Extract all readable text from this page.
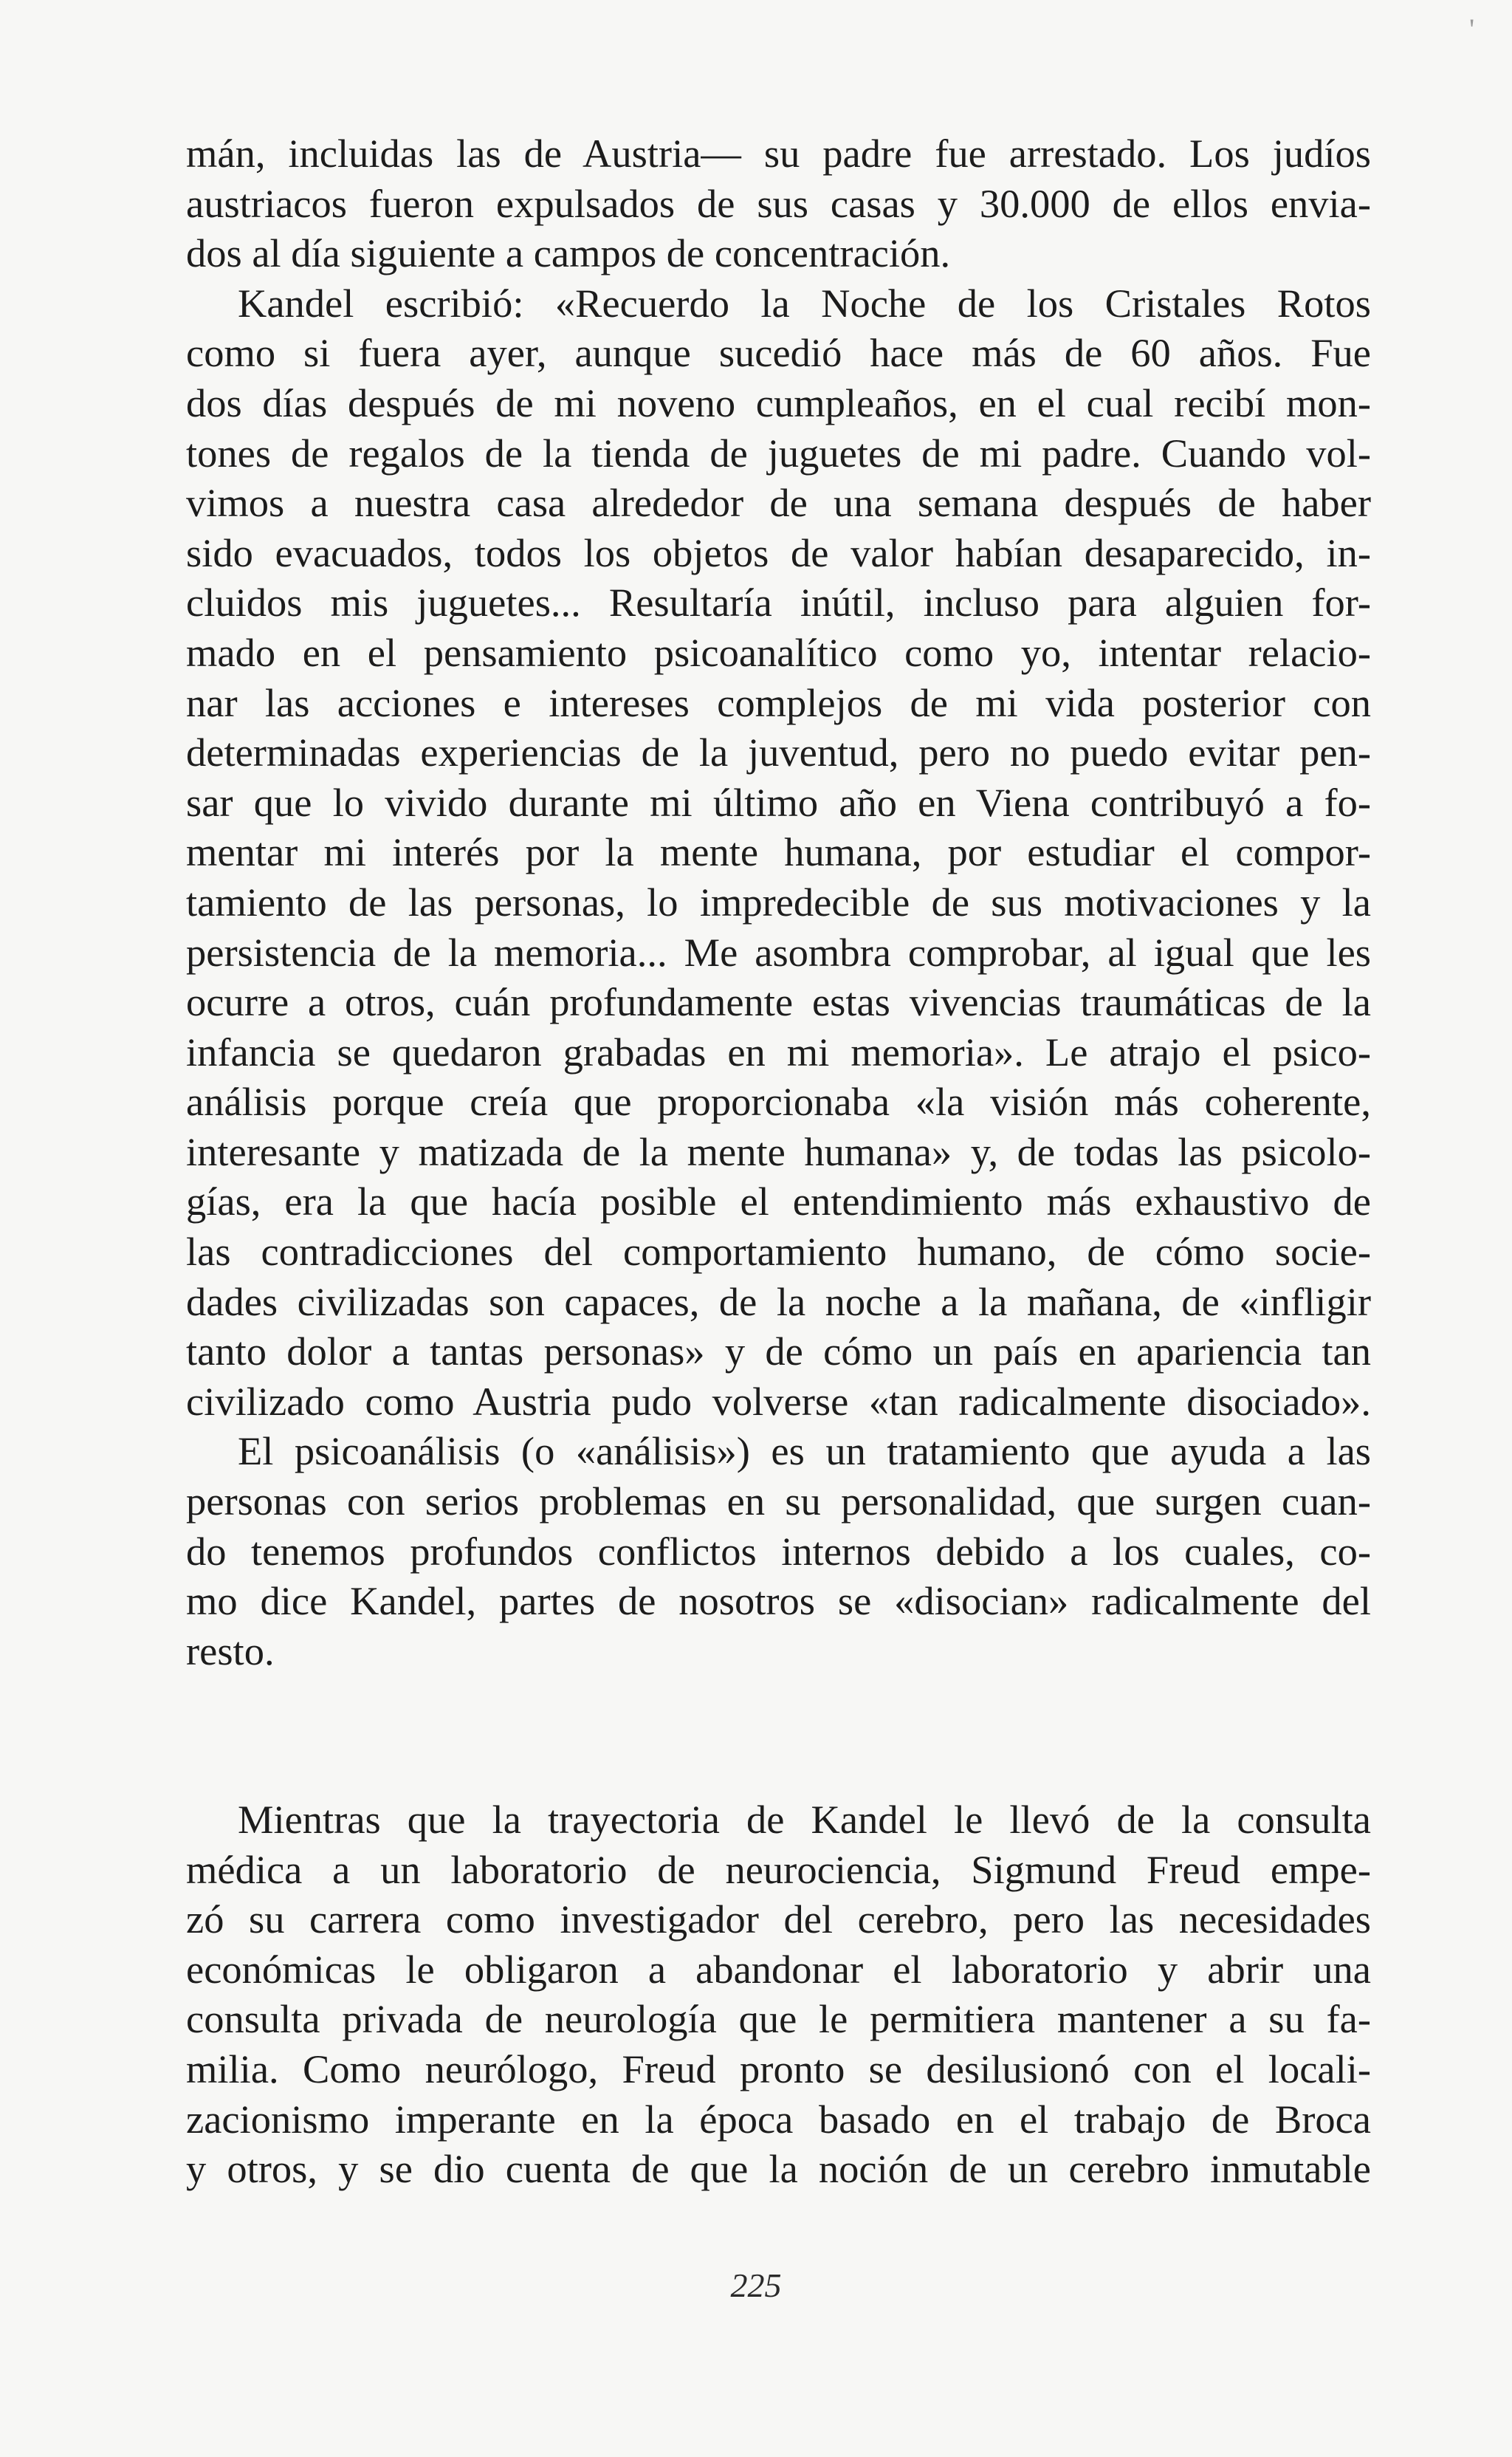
'
mán, incluidas las de Austria— su padre fue arrestado. Los judíos
austriacos fueron expulsados de sus casas y 30.000 de ellos envia-
dos al día siguiente a campos de concentración.
Kandel escribió: «Recuerdo la Noche de los Cristales Rotos
como si fuera ayer, aunque sucedió hace más de 60 años. Fue
dos días después de mi noveno cumpleaños, en el cual recibí mon-
tones de regalos de la tienda de juguetes de mi padre. Cuando vol-
vimos a nuestra casa alrededor de una semana después de haber
sido evacuados, todos los objetos de valor habían desaparecido, in-
cluidos mis juguetes... Resultaría inútil, incluso para alguien for-
mado en el pensamiento psicoanalítico como yo, intentar relacio-
nar las acciones e intereses complejos de mi vida posterior con
determinadas experiencias de la juventud, pero no puedo evitar pen-
sar que lo vivido durante mi último año en Viena contribuyó a fo-
mentar mi interés por la mente humana, por estudiar el compor-
tamiento de las personas, lo impredecible de sus motivaciones y la
persistencia de la memoria... Me asombra comprobar, al igual que les
ocurre a otros, cuán profundamente estas vivencias traumáticas de la
infancia se quedaron grabadas en mi memoria». Le atrajo el psico-
análisis porque creía que proporcionaba «la visión más coherente,
interesante y matizada de la mente humana» y, de todas las psicolo-
gías, era la que hacía posible el entendimiento más exhaustivo de
las contradicciones del comportamiento humano, de cómo socie-
dades civilizadas son capaces, de la noche a la mañana, de «infligir
tanto dolor a tantas personas» y de cómo un país en apariencia tan
civilizado como Austria pudo volverse «tan radicalmente disociado».
El psicoanálisis (o «análisis») es un tratamiento que ayuda a las
personas con serios problemas en su personalidad, que surgen cuan-
do tenemos profundos conflictos internos debido a los cuales, co-
mo dice Kandel, partes de nosotros se «disocian» radicalmente del
resto.
Mientras que la trayectoria de Kandel le llevó de la consulta
médica a un laboratorio de neurociencia, Sigmund Freud empe-
zó su carrera como investigador del cerebro, pero las necesidades
económicas le obligaron a abandonar el laboratorio y abrir una
consulta privada de neurología que le permitiera mantener a su fa-
milia. Como neurólogo, Freud pronto se desilusionó con el locali-
zacionismo imperante en la época basado en el trabajo de Broca
y otros, y se dio cuenta de que la noción de un cerebro inmutable
225
